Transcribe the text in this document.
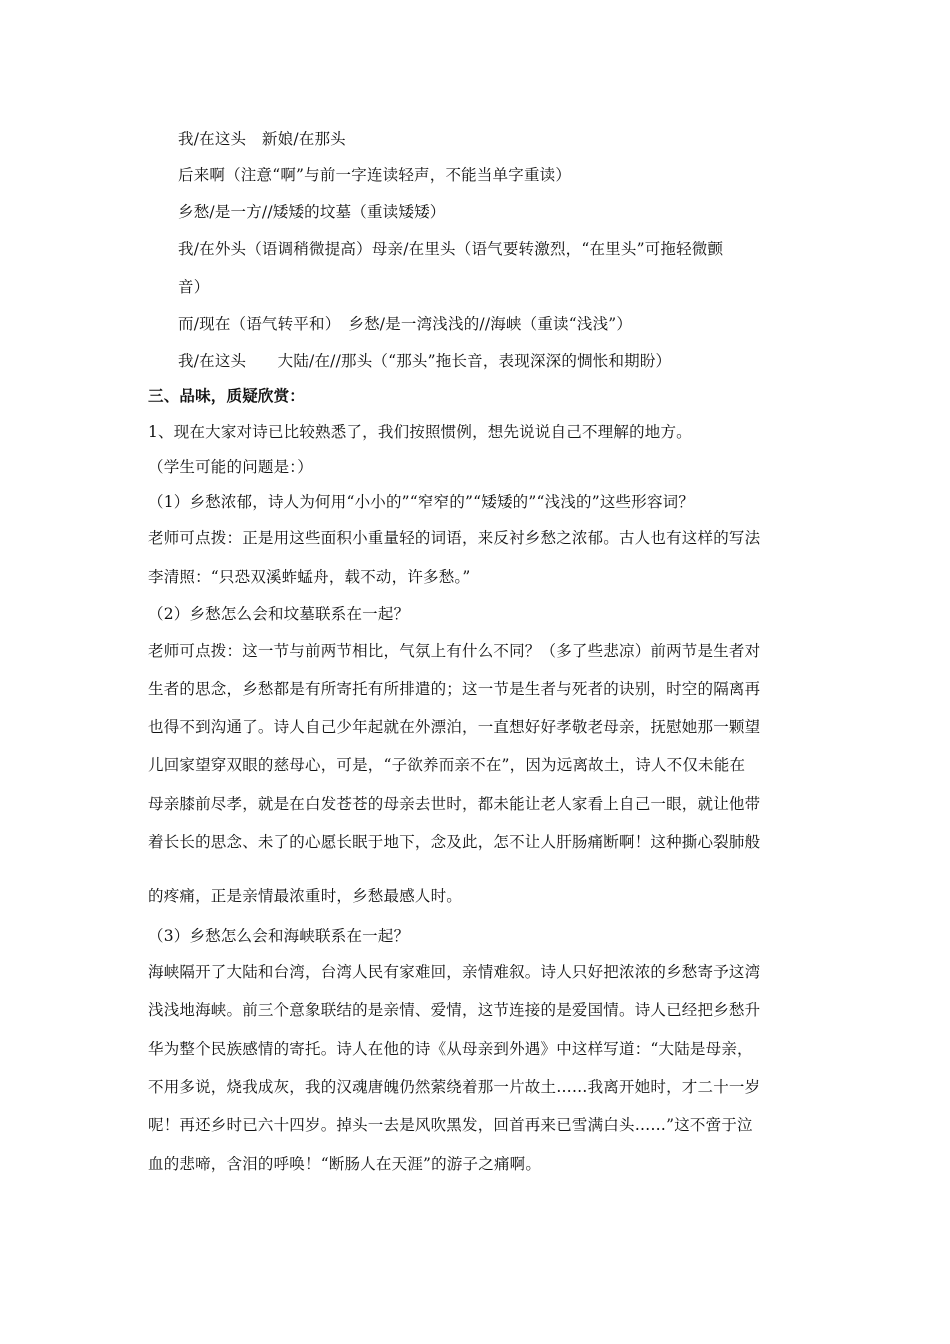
我/在这头　新娘/在那头
后来啊（注意“啊”与前一字连读轻声，不能当单字重读）
乡愁/是一方//矮矮的坟墓（重读矮矮）
我/在外头（语调稍微提高）母亲/在里头（语气要转激烈，“在里头”可拖轻微颤
音）
而/现在（语气转平和）　乡愁/是一湾浅浅的//海峡（重读“浅浅”）
我/在这头　　大陆/在//那头（“那头”拖长音，表现深深的惆怅和期盼）
三、品味，质疑欣赏：
1、现在大家对诗已比较熟悉了，我们按照惯例，想先说说自己不理解的地方。
（学生可能的问题是：）
（1）乡愁浓郁，诗人为何用“小小的”“窄窄的”“矮矮的”“浅浅的”这些形容词？
老师可点拨：正是用这些面积小重量轻的词语，来反衬乡愁之浓郁。古人也有这样的写法
李清照：“只恐双溪蚱蜢舟，载不动，许多愁。”
（2）乡愁怎么会和坟墓联系在一起？
老师可点拨：这一节与前两节相比，气氛上有什么不同？（多了些悲凉）前两节是生者对
生者的思念，乡愁都是有所寄托有所排遣的；这一节是生者与死者的诀别，时空的隔离再
也得不到沟通了。诗人自己少年起就在外漂泊，一直想好好孝敬老母亲，抚慰她那一颗望
儿回家望穿双眼的慈母心，可是，“子欲养而亲不在”，因为远离故土，诗人不仅未能在
母亲膝前尽孝，就是在白发苍苍的母亲去世时，都未能让老人家看上自己一眼，就让他带
着长长的思念、未了的心愿长眠于地下，念及此，怎不让人肝肠痛断啊！这种撕心裂肺般
的疼痛，正是亲情最浓重时，乡愁最感人时。
（3）乡愁怎么会和海峡联系在一起？
海峡隔开了大陆和台湾，台湾人民有家难回，亲情难叙。诗人只好把浓浓的乡愁寄予这湾
浅浅地海峡。前三个意象联结的是亲情、爱情，这节连接的是爱国情。诗人已经把乡愁升
华为整个民族感情的寄托。诗人在他的诗《从母亲到外遇》中这样写道：“大陆是母亲，
不用多说，烧我成灰，我的汉魂唐魄仍然萦绕着那一片故土……我离开她时，才二十一岁
呢！再还乡时已六十四岁。掉头一去是风吹黑发，回首再来已雪满白头……”这不啻于泣
血的悲啼，含泪的呼唤！“断肠人在天涯”的游子之痛啊。
